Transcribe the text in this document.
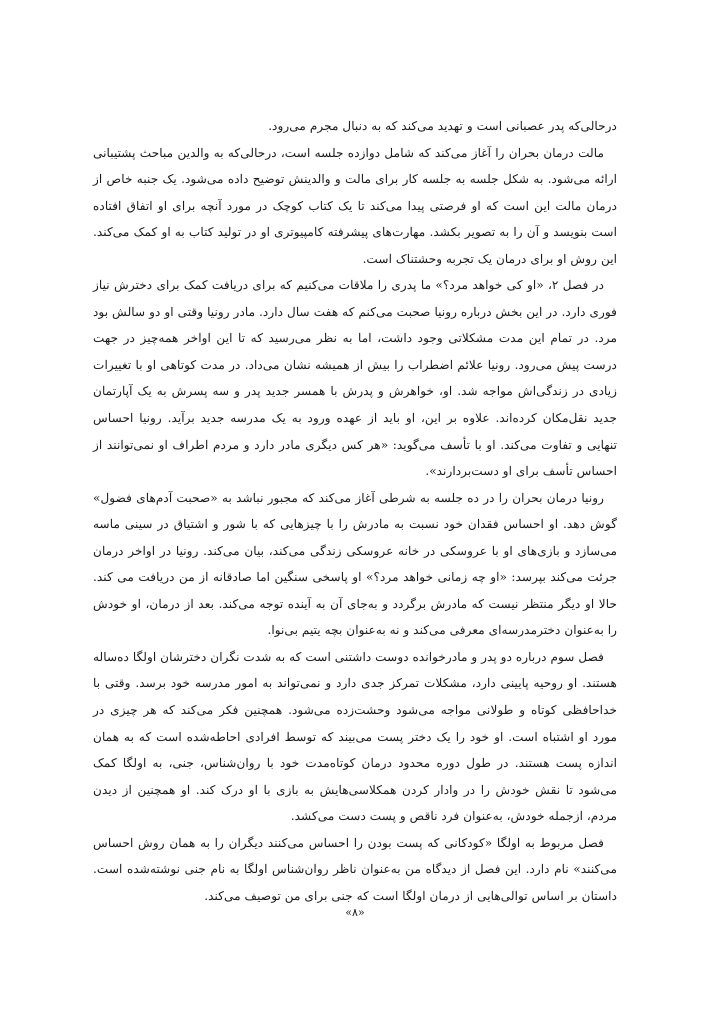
درحالی‌که پدر عصبانی است و تهدید می‌کند که به دنبال مجرم می‌رود.

مالت درمان بحران را آغاز می‌کند که شامل دوازده جلسه است، درحالی‌که به والدین مباحث پشتیبانی ارائه می‌شود. به شکل جلسه به جلسه کار برای مالت و والدینش توضیح داده می‌شود. یک جنبه خاص از درمان مالت این است که او فرصتی پیدا می‌کند تا یک کتاب کوچک در مورد آنچه برای او اتفاق افتاده است بنویسد و آن را به تصویر بکشد. مهارت‌های پیشرفته کامپیوتری او در تولید کتاب به او کمک می‌کند. این روش او برای درمان یک تجربه وحشتناک است.

در فصل ۲، «او کی خواهد مرد؟» ما پدری را ملاقات می‌کنیم که برای دریافت کمک برای دخترش نیاز فوری دارد. در این بخش درباره رونیا صحبت می‌کنم که هفت سال دارد. مادر رونیا وقتی او دو سالش بود مرد. در تمام این مدت مشکلاتی وجود داشت، اما به نظر می‌رسید که تا این اواخر همه‌چیز در جهت درست پیش می‌رود. رونیا علائم اضطراب را بیش از همیشه نشان می‌داد. در مدت کوتاهی او با تغییرات زیادی در زندگی‌اش مواجه شد. او، خواهرش و پدرش با همسر جدید پدر و سه پسرش به یک آپارتمان جدید نقل‌مکان کرده‌اند. علاوه بر این، او باید از عهده ورود به یک مدرسه جدید برآید. رونیا احساس تنهایی و تفاوت می‌کند. او با تأسف می‌گوید: «هر کس دیگری مادر دارد و مردم اطراف او نمی‌توانند از احساس تأسف برای او دست‌بردارند».

رونیا درمان بحران را در ده جلسه به شرطی آغاز می‌کند که مجبور نباشد به «صحبت آدم‌های فضول» گوش دهد. او احساس فقدان خود نسبت به مادرش را با چیزهایی که با شور و اشتیاق در سینی ماسه می‌سازد و بازی‌های او با عروسکی در خانه عروسکی زندگی می‌کند، بیان می‌کند. رونیا در اواخر درمان جرئت می‌کند بپرسد: «او چه زمانی خواهد مرد؟» او پاسخی سنگین اما صادقانه از من دریافت می کند. حالا او دیگر منتظر نیست که مادرش برگردد و به‌جای آن به آینده توجه می‌کند. بعد از درمان، او خودش را به‌عنوان دخترمدرسه‌ای معرفی می‌کند و نه به‌عنوان بچه یتیم بی‌نوا.

فصل سوم درباره دو پدر و مادرخوانده دوست داشتنی است که به شدت نگران دخترشان اولگا ده‌ساله هستند. او روحیه پایینی دارد، مشکلات تمرکز جدی دارد و نمی‌تواند به امور مدرسه خود برسد. وقتی با خداحافظی کوتاه و طولانی مواجه می‌شود وحشت‌زده می‌شود. همچنین فکر می‌کند که هر چیزی در مورد او اشتباه است. او خود را یک دختر پست می‌بیند که توسط افرادی احاطه‌شده است که به همان اندازه پست هستند. در طول دوره محدود درمان کوتاه‌مدت خود با روان‌شناس، جنی، به اولگا کمک می‌شود تا نقش خودش را در وادار کردن همکلاسی‌هایش به بازی با او درک کند. او همچنین از دیدن مردم، ازجمله خودش، به‌عنوان فرد ناقص و پست دست می‌کشد.

فصل مربوط به اولگا «کودکانی که پست بودن را احساس می‌کنند دیگران را به همان روش احساس می‌کنند» نام دارد. این فصل از دیدگاه من به‌عنوان ناظر روان‌شناس اولگا به نام جنی نوشته‌شده است. داستان بر اساس توالی‌هایی از درمان اولگا است که جنی برای من توصیف می‌کند.

«۸»
